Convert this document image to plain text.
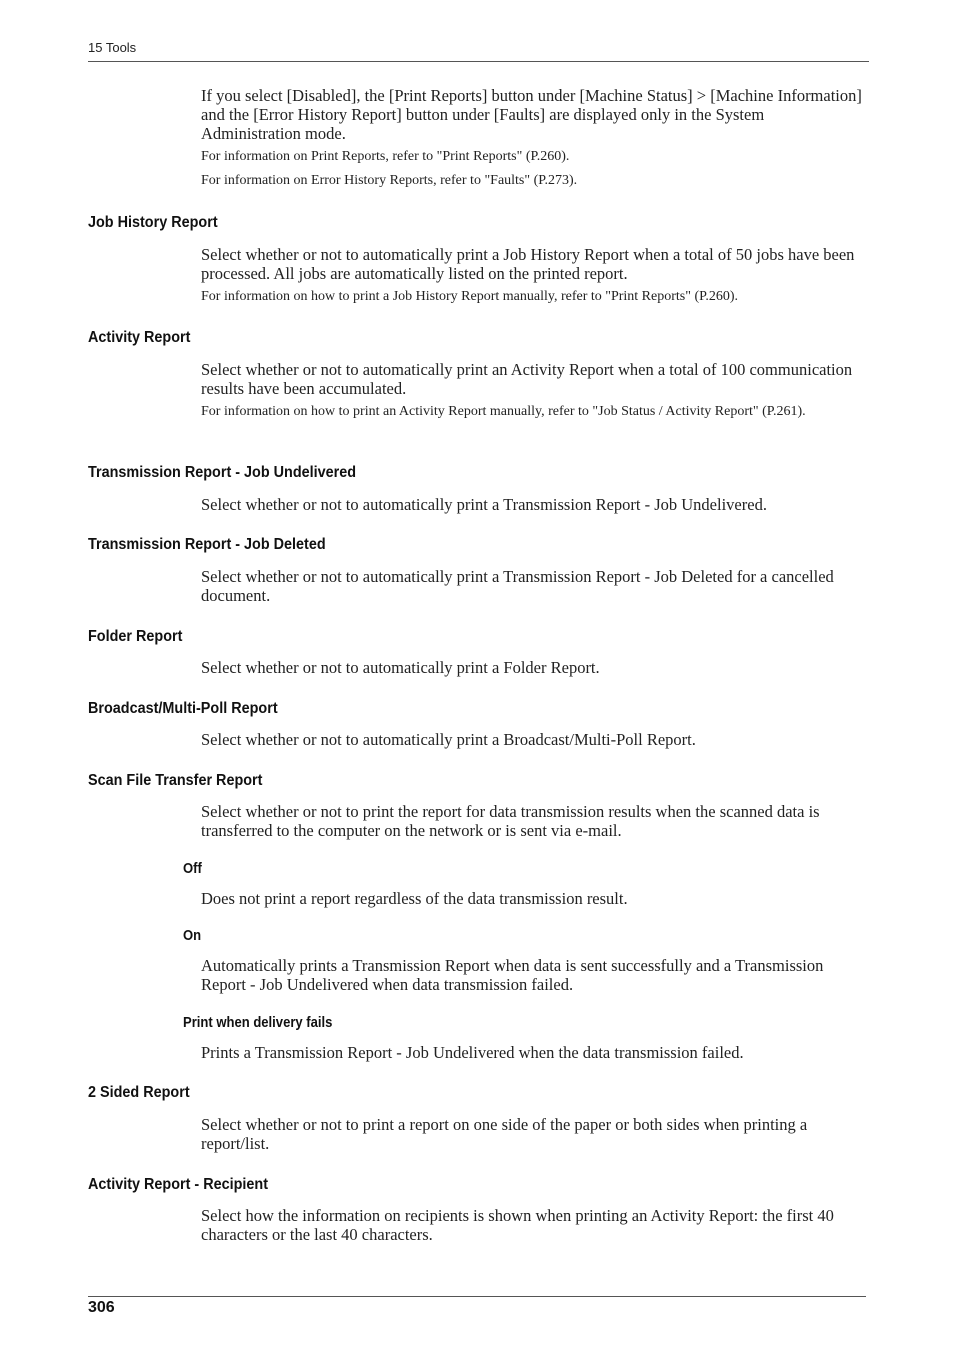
15 Tools
If you select [Disabled], the [Print Reports] button under [Machine Status] > [Machine Information] and the [Error History Report] button under [Faults] are displayed only in the System Administration mode.
For information on Print Reports, refer to "Print Reports" (P.260).
For information on Error History Reports, refer to "Faults" (P.273).
Job History Report
Select whether or not to automatically print a Job History Report when a total of 50 jobs have been processed. All jobs are automatically listed on the printed report.
For information on how to print a Job History Report manually, refer to "Print Reports" (P.260).
Activity Report
Select whether or not to automatically print an Activity Report when a total of 100 communication results have been accumulated.
For information on how to print an Activity Report manually, refer to "Job Status / Activity Report" (P.261).
Transmission Report - Job Undelivered
Select whether or not to automatically print a Transmission Report - Job Undelivered.
Transmission Report - Job Deleted
Select whether or not to automatically print a Transmission Report - Job Deleted for a cancelled document.
Folder Report
Select whether or not to automatically print a Folder Report.
Broadcast/Multi-Poll Report
Select whether or not to automatically print a Broadcast/Multi-Poll Report.
Scan File Transfer Report
Select whether or not to print the report for data transmission results when the scanned data is transferred to the computer on the network or is sent via e-mail.
Off
Does not print a report regardless of the data transmission result.
On
Automatically prints a Transmission Report when data is sent successfully and a Transmission Report - Job Undelivered when data transmission failed.
Print when delivery fails
Prints a Transmission Report - Job Undelivered when the data transmission failed.
2 Sided Report
Select whether or not to print a report on one side of the paper or both sides when printing a report/list.
Activity Report - Recipient
Select how the information on recipients is shown when printing an Activity Report: the first 40 characters or the last 40 characters.
306
